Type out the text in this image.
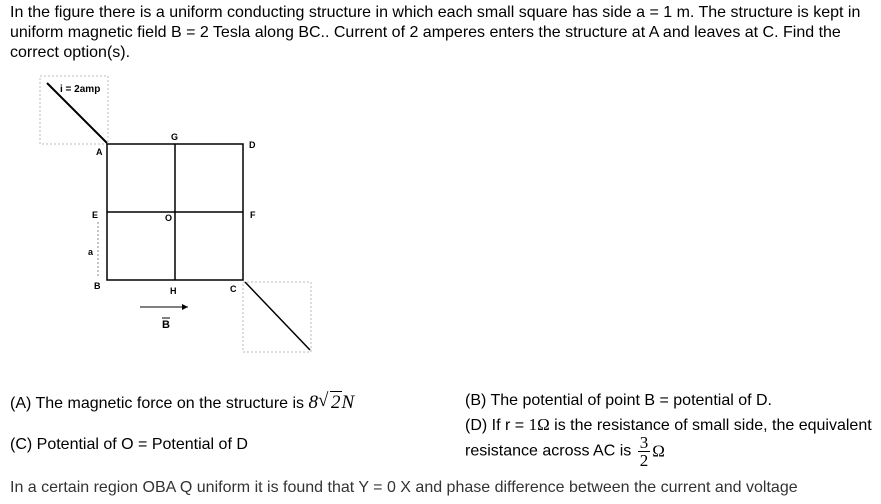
In the figure there is a uniform conducting structure in which each small square has side a = 1 m. The structure is kept in uniform magnetic field B = 2 Tesla along BC.. Current of 2 amperes enters the structure at A and leaves at C. Find the correct option(s).

i = 2amp
A
G
D
E	O	F
B	H	C
a
B
(A) The magnetic force on the structure is 8 √ 2N	(B) The potential of point B = potential of D.
(D) If r = 1Ω is the resistance of small side, the equivalent
(C) Potential of O = Potential of D	resistance across AC is $\frac{3}{2}$ Ω
In a certain region OBA Q uniform it is found that Y = 0 X and phase difference between the current and voltage
